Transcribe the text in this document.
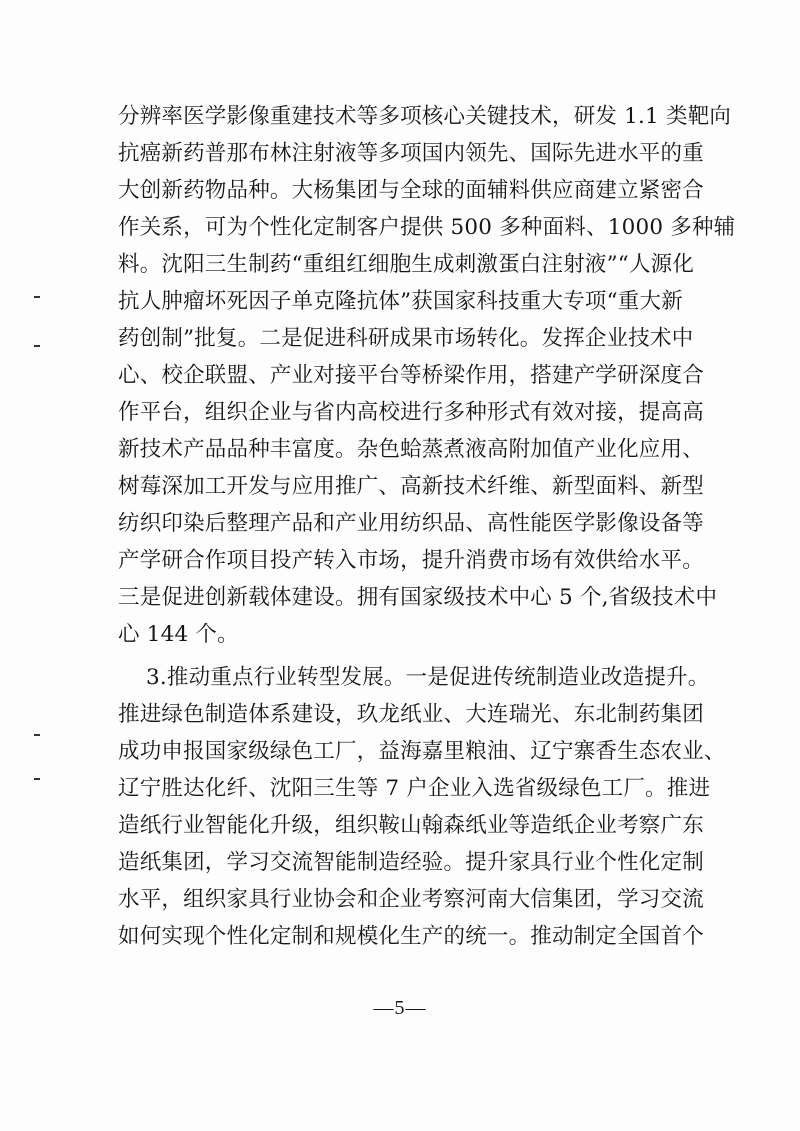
分辨率医学影像重建技术等多项核心关键技术，研发 1.1 类靶向
抗癌新药普那布林注射液等多项国内领先、国际先进水平的重
大创新药物品种。大杨集团与全球的面辅料供应商建立紧密合
作关系，可为个性化定制客户提供 500 多种面料、1000 多种辅
料。沈阳三生制药“重组红细胞生成刺激蛋白注射液”“人源化
抗人肿瘤坏死因子单克隆抗体”获国家科技重大专项“重大新
药创制”批复。二是促进科研成果市场转化。发挥企业技术中
心、校企联盟、产业对接平台等桥梁作用，搭建产学研深度合
作平台，组织企业与省内高校进行多种形式有效对接，提高高
新技术产品品种丰富度。杂色蛤蒸煮液高附加值产业化应用、
树莓深加工开发与应用推广、高新技术纤维、新型面料、新型
纺织印染后整理产品和产业用纺织品、高性能医学影像设备等
产学研合作项目投产转入市场，提升消费市场有效供给水平。
三是促进创新载体建设。拥有国家级技术中心 5 个,省级技术中
心 144 个。
3.推动重点行业转型发展。一是促进传统制造业改造提升。
推进绿色制造体系建设，玖龙纸业、大连瑞光、东北制药集团
成功申报国家级绿色工厂，益海嘉里粮油、辽宁寨香生态农业、
辽宁胜达化纤、沈阳三生等 7 户企业入选省级绿色工厂。推进
造纸行业智能化升级，组织鞍山翰森纸业等造纸企业考察广东
造纸集团，学习交流智能制造经验。提升家具行业个性化定制
水平，组织家具行业协会和企业考察河南大信集团，学习交流
如何实现个性化定制和规模化生产的统一。推动制定全国首个
—5—
